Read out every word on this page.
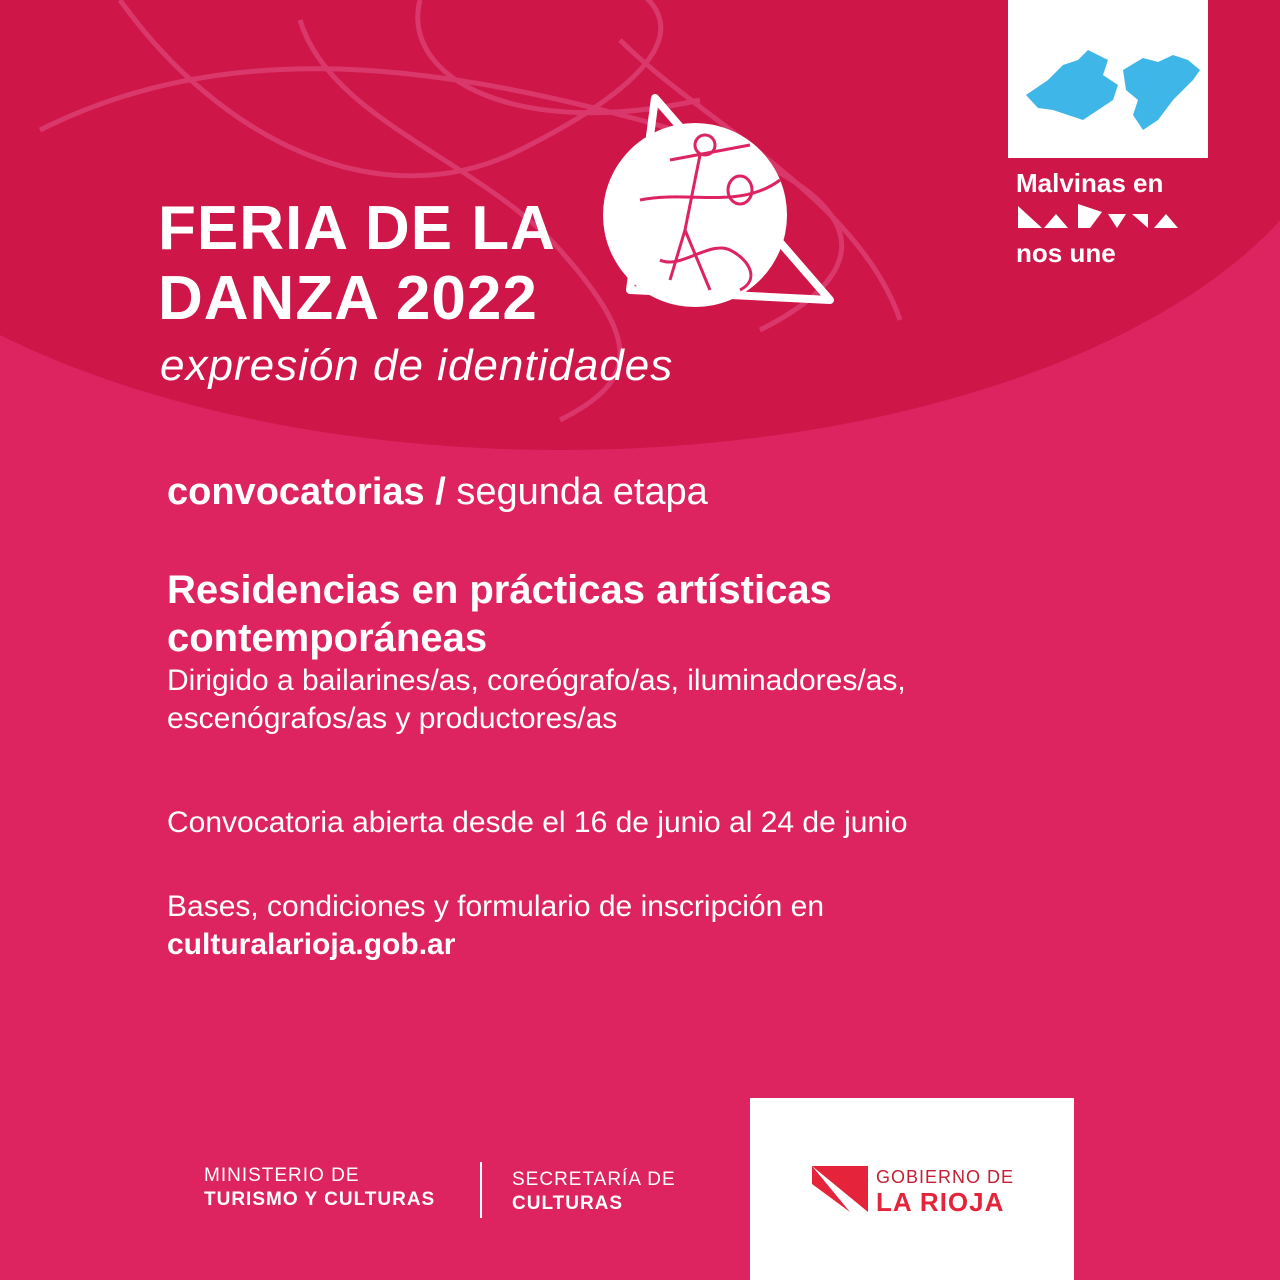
FERIA DE LA
DANZA 2022
expresión de identidades
Malvinas en
nos une
convocatorias / segunda etapa
Residencias en prácticas artísticas
contemporáneas
Dirigido a bailarines/as, coreógrafo/as, iluminadores/as,
escenógrafos/as y productores/as
Convocatoria abierta desde el 16 de junio al 24 de junio
Bases, condiciones y formulario de inscripción en
culturalarioja.gob.ar
MINISTERIO DE
TURISMO Y CULTURAS
SECRETARÍA DE
CULTURAS
GOBIERNO DE
LA RIOJA
